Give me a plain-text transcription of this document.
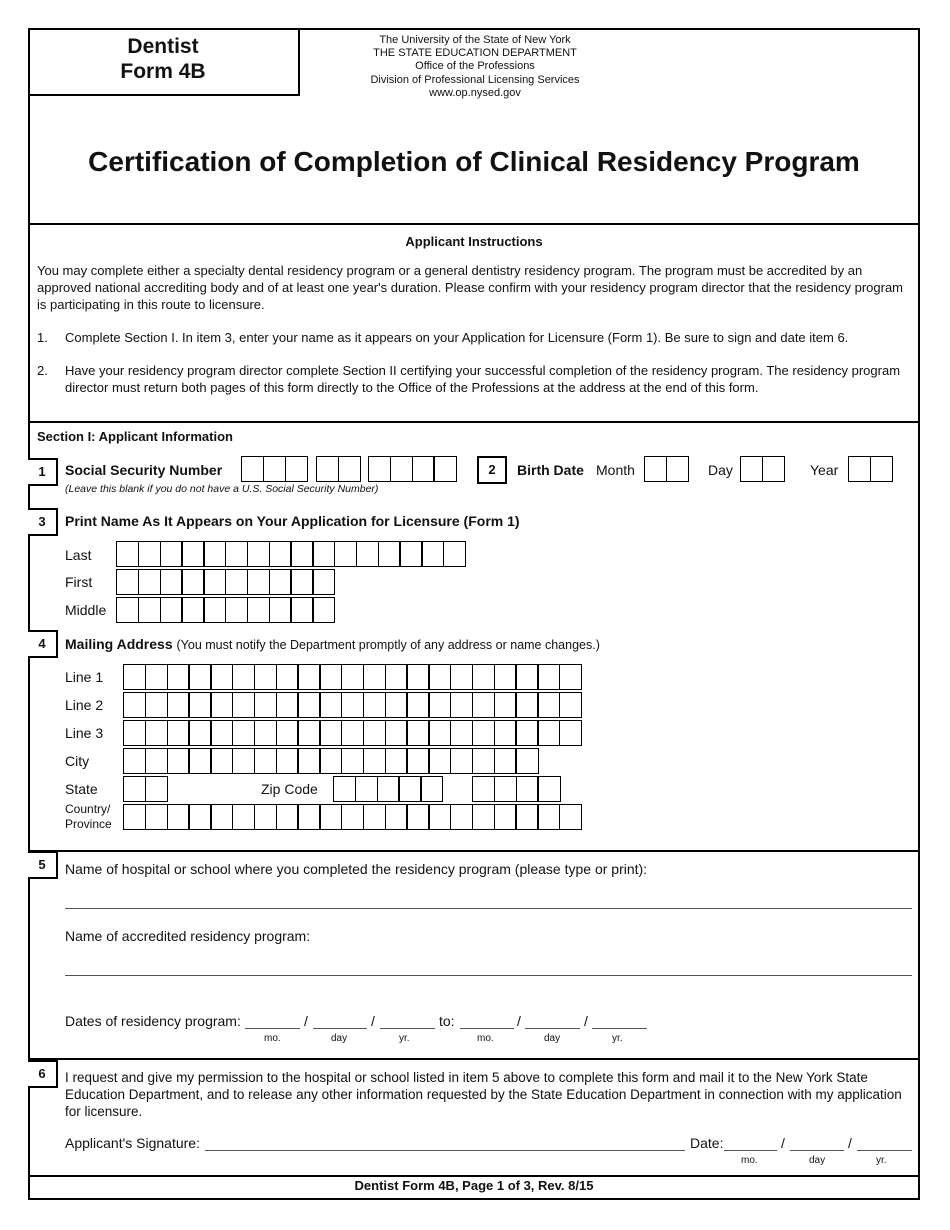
Dentist
Form 4B
The University of the State of New York
THE STATE EDUCATION DEPARTMENT
Office of the Professions
Division of Professional Licensing Services
www.op.nysed.gov
Certification of Completion of Clinical Residency Program
Applicant Instructions
You may complete either a specialty dental residency program or a general dentistry residency program. The program must be accredited by an approved national accrediting body and of at least one year's duration. Please confirm with your residency program director that the residency program is participating in this route to licensure.
1. Complete Section I. In item 3, enter your name as it appears on your Application for Licensure (Form 1). Be sure to sign and date item 6.
2. Have your residency program director complete Section II certifying your successful completion of the residency program. The residency program director must return both pages of this form directly to the Office of the Professions at the address at the end of this form.
Section I: Applicant Information
1	Social Security Number
(Leave this blank if you do not have a U.S. Social Security Number)
2	Birth Date Month	Day	Year
3	Print Name As It Appears on Your Application for Licensure (Form 1)
Last
First
Middle
4	Mailing Address (You must notify the Department promptly of any address or name changes.)
Line 1
Line 2
Line 3
City
State	Zip Code
Country/
Province
5	Name of hospital or school where you completed the residency program (please type or print):
Name of accredited residency program:
Dates of residency program:	/	/	to:	/	/
mo.	day	yr.	mo.	day	yr.
6	I request and give my permission to the hospital or school listed in item 5 above to complete this form and mail it to the New York State Education Department, and to release any other information requested by the State Education Department in connection with my application for licensure.
Applicant's Signature:	Date:	/	/
mo.	day	yr.
Dentist Form 4B, Page 1 of 3, Rev. 8/15
